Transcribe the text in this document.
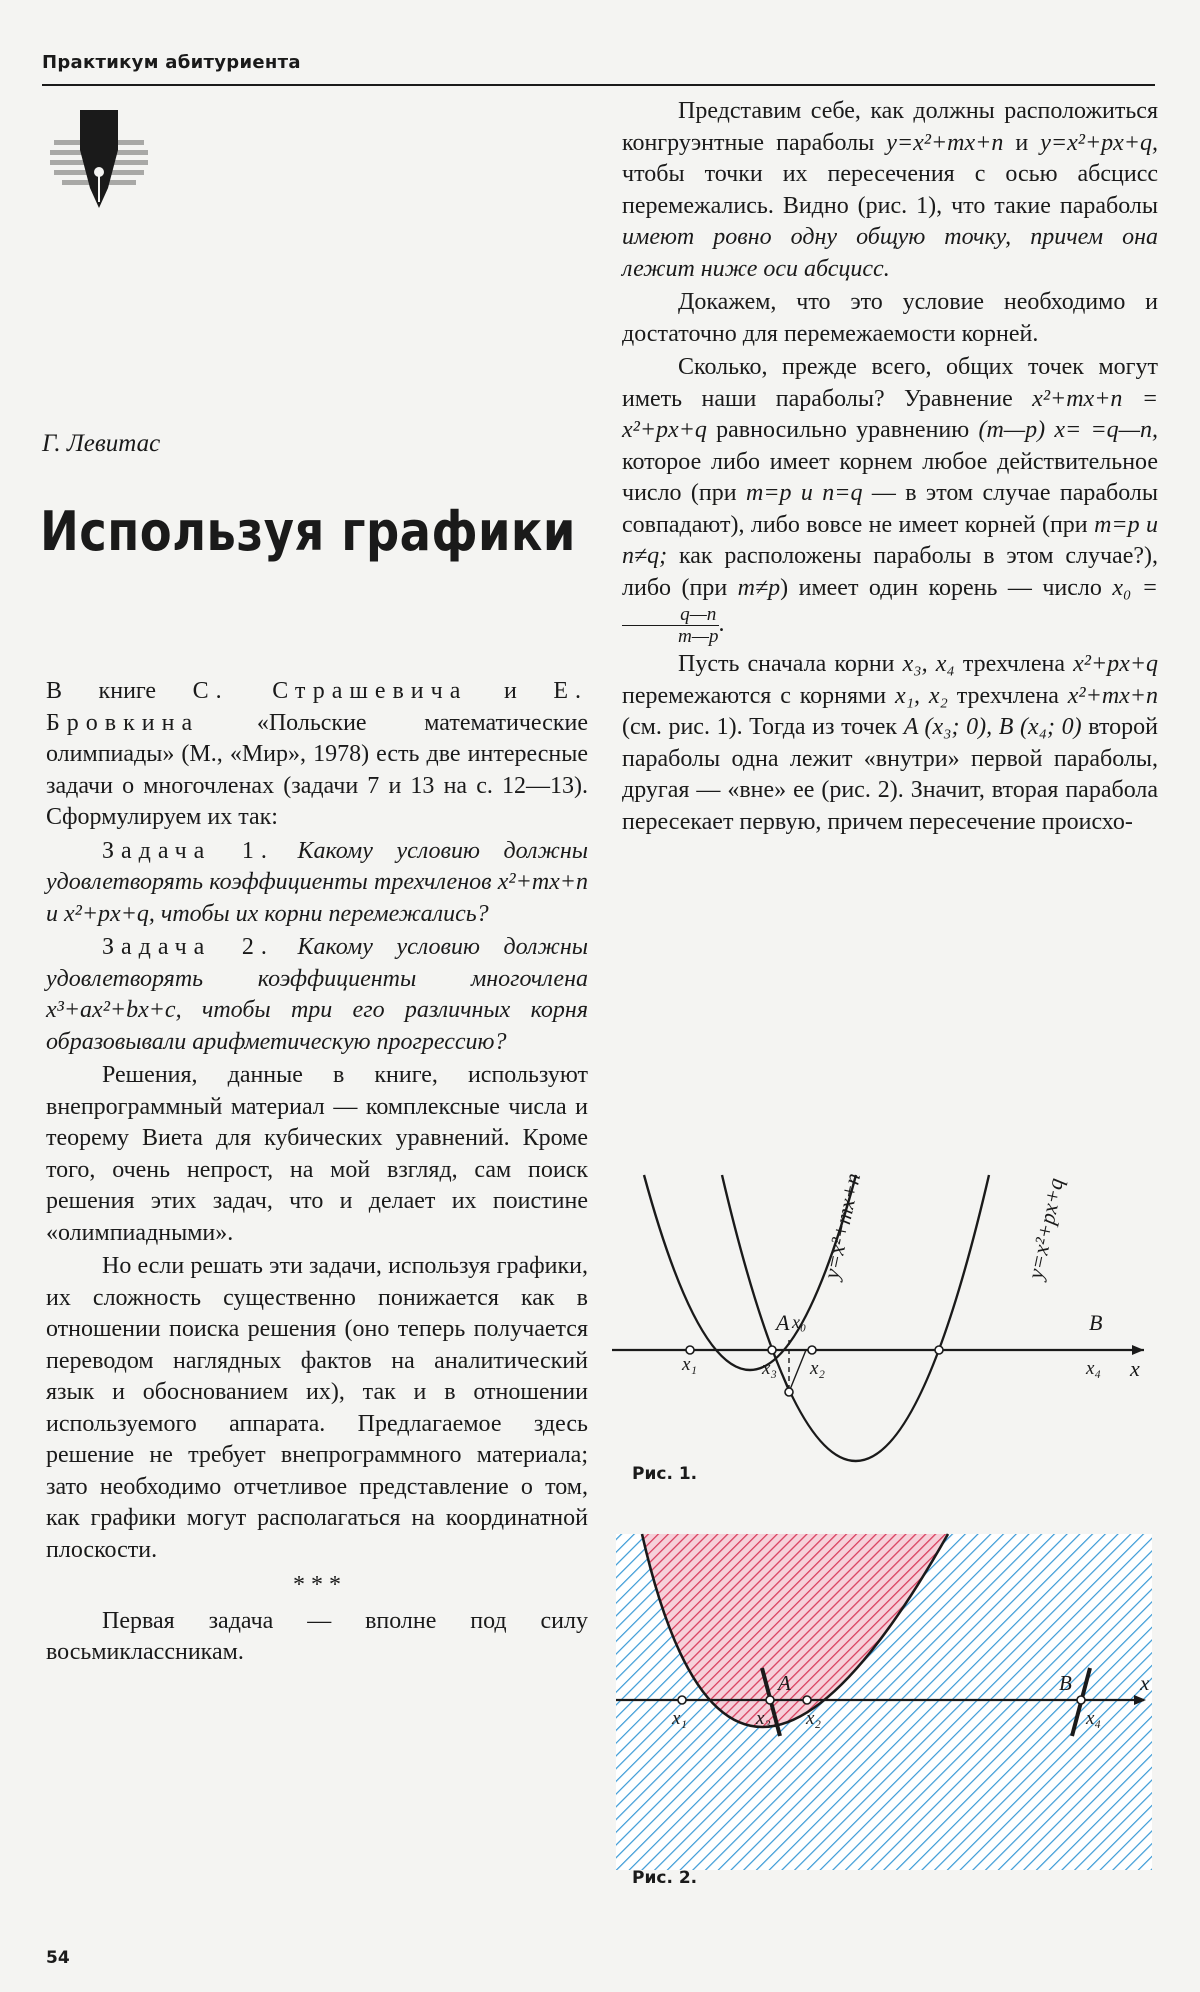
Практикум абитуриента
Г. Левитас
Используя графики

В книге С. Страшевича и Е. Бровкина «Польские математические олимпиады» (М., «Мир», 1978) есть две интересные задачи о многочленах (задачи 7 и 13 на с. 12—13). Сформулируем их так:

Задача 1. Какому условию должны удовлетворять коэффициенты трехчленов x²+mx+n и x²+px+q, чтобы их корни перемежались?

Задача 2. Какому условию должны удовлетворять коэффициенты многочлена x³+ax²+bx+c, чтобы три его различных корня образовывали арифметическую прогрессию?

Решения, данные в книге, используют внепрограммный материал — комплексные числа и теорему Виета для кубических уравнений. Кроме того, очень непрост, на мой взгляд, сам поиск решения этих задач, что и делает их поистине «олимпиадными».

Но если решать эти задачи, используя графики, их сложность существенно понижается как в отношении поиска решения (оно теперь получается переводом наглядных фактов на аналитический язык и обоснованием их), так и в отношении используемого аппарата. Предлагаемое здесь решение не требует внепрограммного материала; зато необходимо отчетливое представление о том, как графики могут располагаться на координатной плоскости.

* * *

Первая задача — вполне под силу восьмиклассникам.

Представим себе, как должны расположиться конгруэнтные параболы y=x²+mx+n и y=x²+px+q, чтобы точки их пересечения с осью абсцисс перемежались. Видно (рис. 1), что такие параболы имеют ровно одну общую точку, причем она лежит ниже оси абсцисс.

Докажем, что это условие необходимо и достаточно для перемежаемости корней.

Сколько, прежде всего, общих точек могут иметь наши параболы? Уравнение x²+mx+n = x²+px+q равносильно уравнению (m—p) x= =q—n, которое либо имеет корнем любое действительное число (при m=p и n=q — в этом случае параболы совпадают), либо вовсе не имеет корней (при m=p и n≠q; как расположены параболы в этом случае?), либо (при m≠p) имеет один корень — число x₀ =
$\frac{q—n}{m—p}$ .

Пусть сначала корни x₃, x₄ трехчлена x²+px+q перемежаются с корнями x₁, x₂ трехчлена x²+mx+n (см. рис. 1). Тогда из точек A (x₃; 0), B (x₄; 0) второй параболы одна лежит «внутри» первой параболы, другая — «вне» ее (рис. 2). Значит, вторая парабола пересекает первую, причем пересечение происхо-

y=x²+mx+n	y=x²+px+q
A	B
x₀
x₁	x₃ x₂	x₄ x
Рис. 1.
A	B
x₁	x₃ x₂	x₄
x
Рис. 2.
54
